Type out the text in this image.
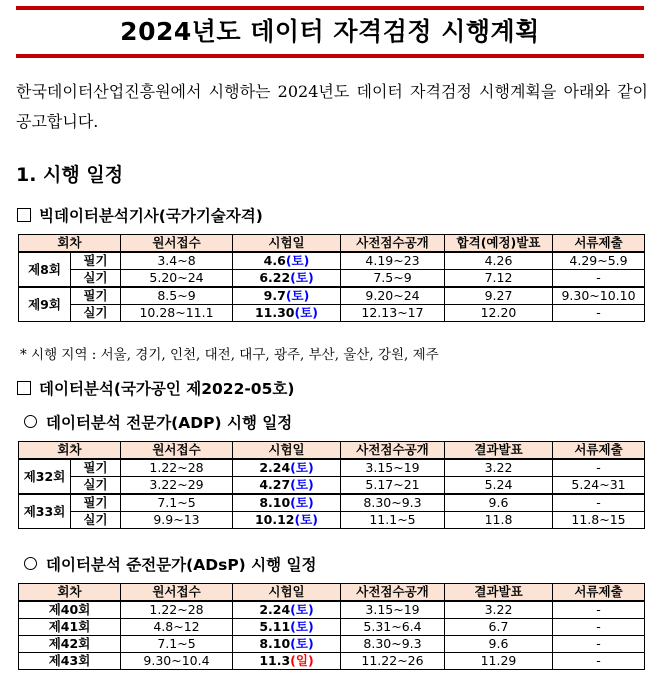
2024년도 데이터 자격검정 시행계획
한국데이터산업진흥원에서 시행하는 2024년도 데이터 자격검정 시행계획을 아래와 같이 공고합니다.
1. 시행 일정
빅데이터분석기사(국가기술자격)
회차		원서접수	시험일	사전점수공개	합격(예정)발표	서류제출
제8회	필기	3.4~8	4.6(토)	4.19~23	4.26	4.29~5.9
	실기	5.20~24	6.22(토)	7.5~9	7.12	-
제9회	필기	8.5~9	9.7(토)	9.20~24	9.27	9.30~10.10
	실기	10.28~11.1	11.30(토)	12.13~17	12.20	-
* 시행 지역 : 서울, 경기, 인천, 대전, 대구, 광주, 부산, 울산, 강원, 제주
데이터분석(국가공인 제2022-05호)
데이터분석 전문가(ADP) 시행 일정
회차		원서접수	시험일	사전점수공개	결과발표	서류제출
제32회	필기	1.22~28	2.24(토)	3.15~19	3.22	-
	실기	3.22~29	4.27(토)	5.17~21	5.24	5.24~31
제33회	필기	7.1~5	8.10(토)	8.30~9.3	9.6	-
	실기	9.9~13	10.12(토)	11.1~5	11.8	11.8~15
데이터분석 준전문가(ADsP) 시행 일정
회차	원서접수	시험일	사전점수공개	결과발표	서류제출
제40회	1.22~28	2.24(토)	3.15~19	3.22	-
제41회	4.8~12	5.11(토)	5.31~6.4	6.7	-
제42회	7.1~5	8.10(토)	8.30~9.3	9.6	-
제43회	9.30~10.4	11.3(일)	11.22~26	11.29	-
